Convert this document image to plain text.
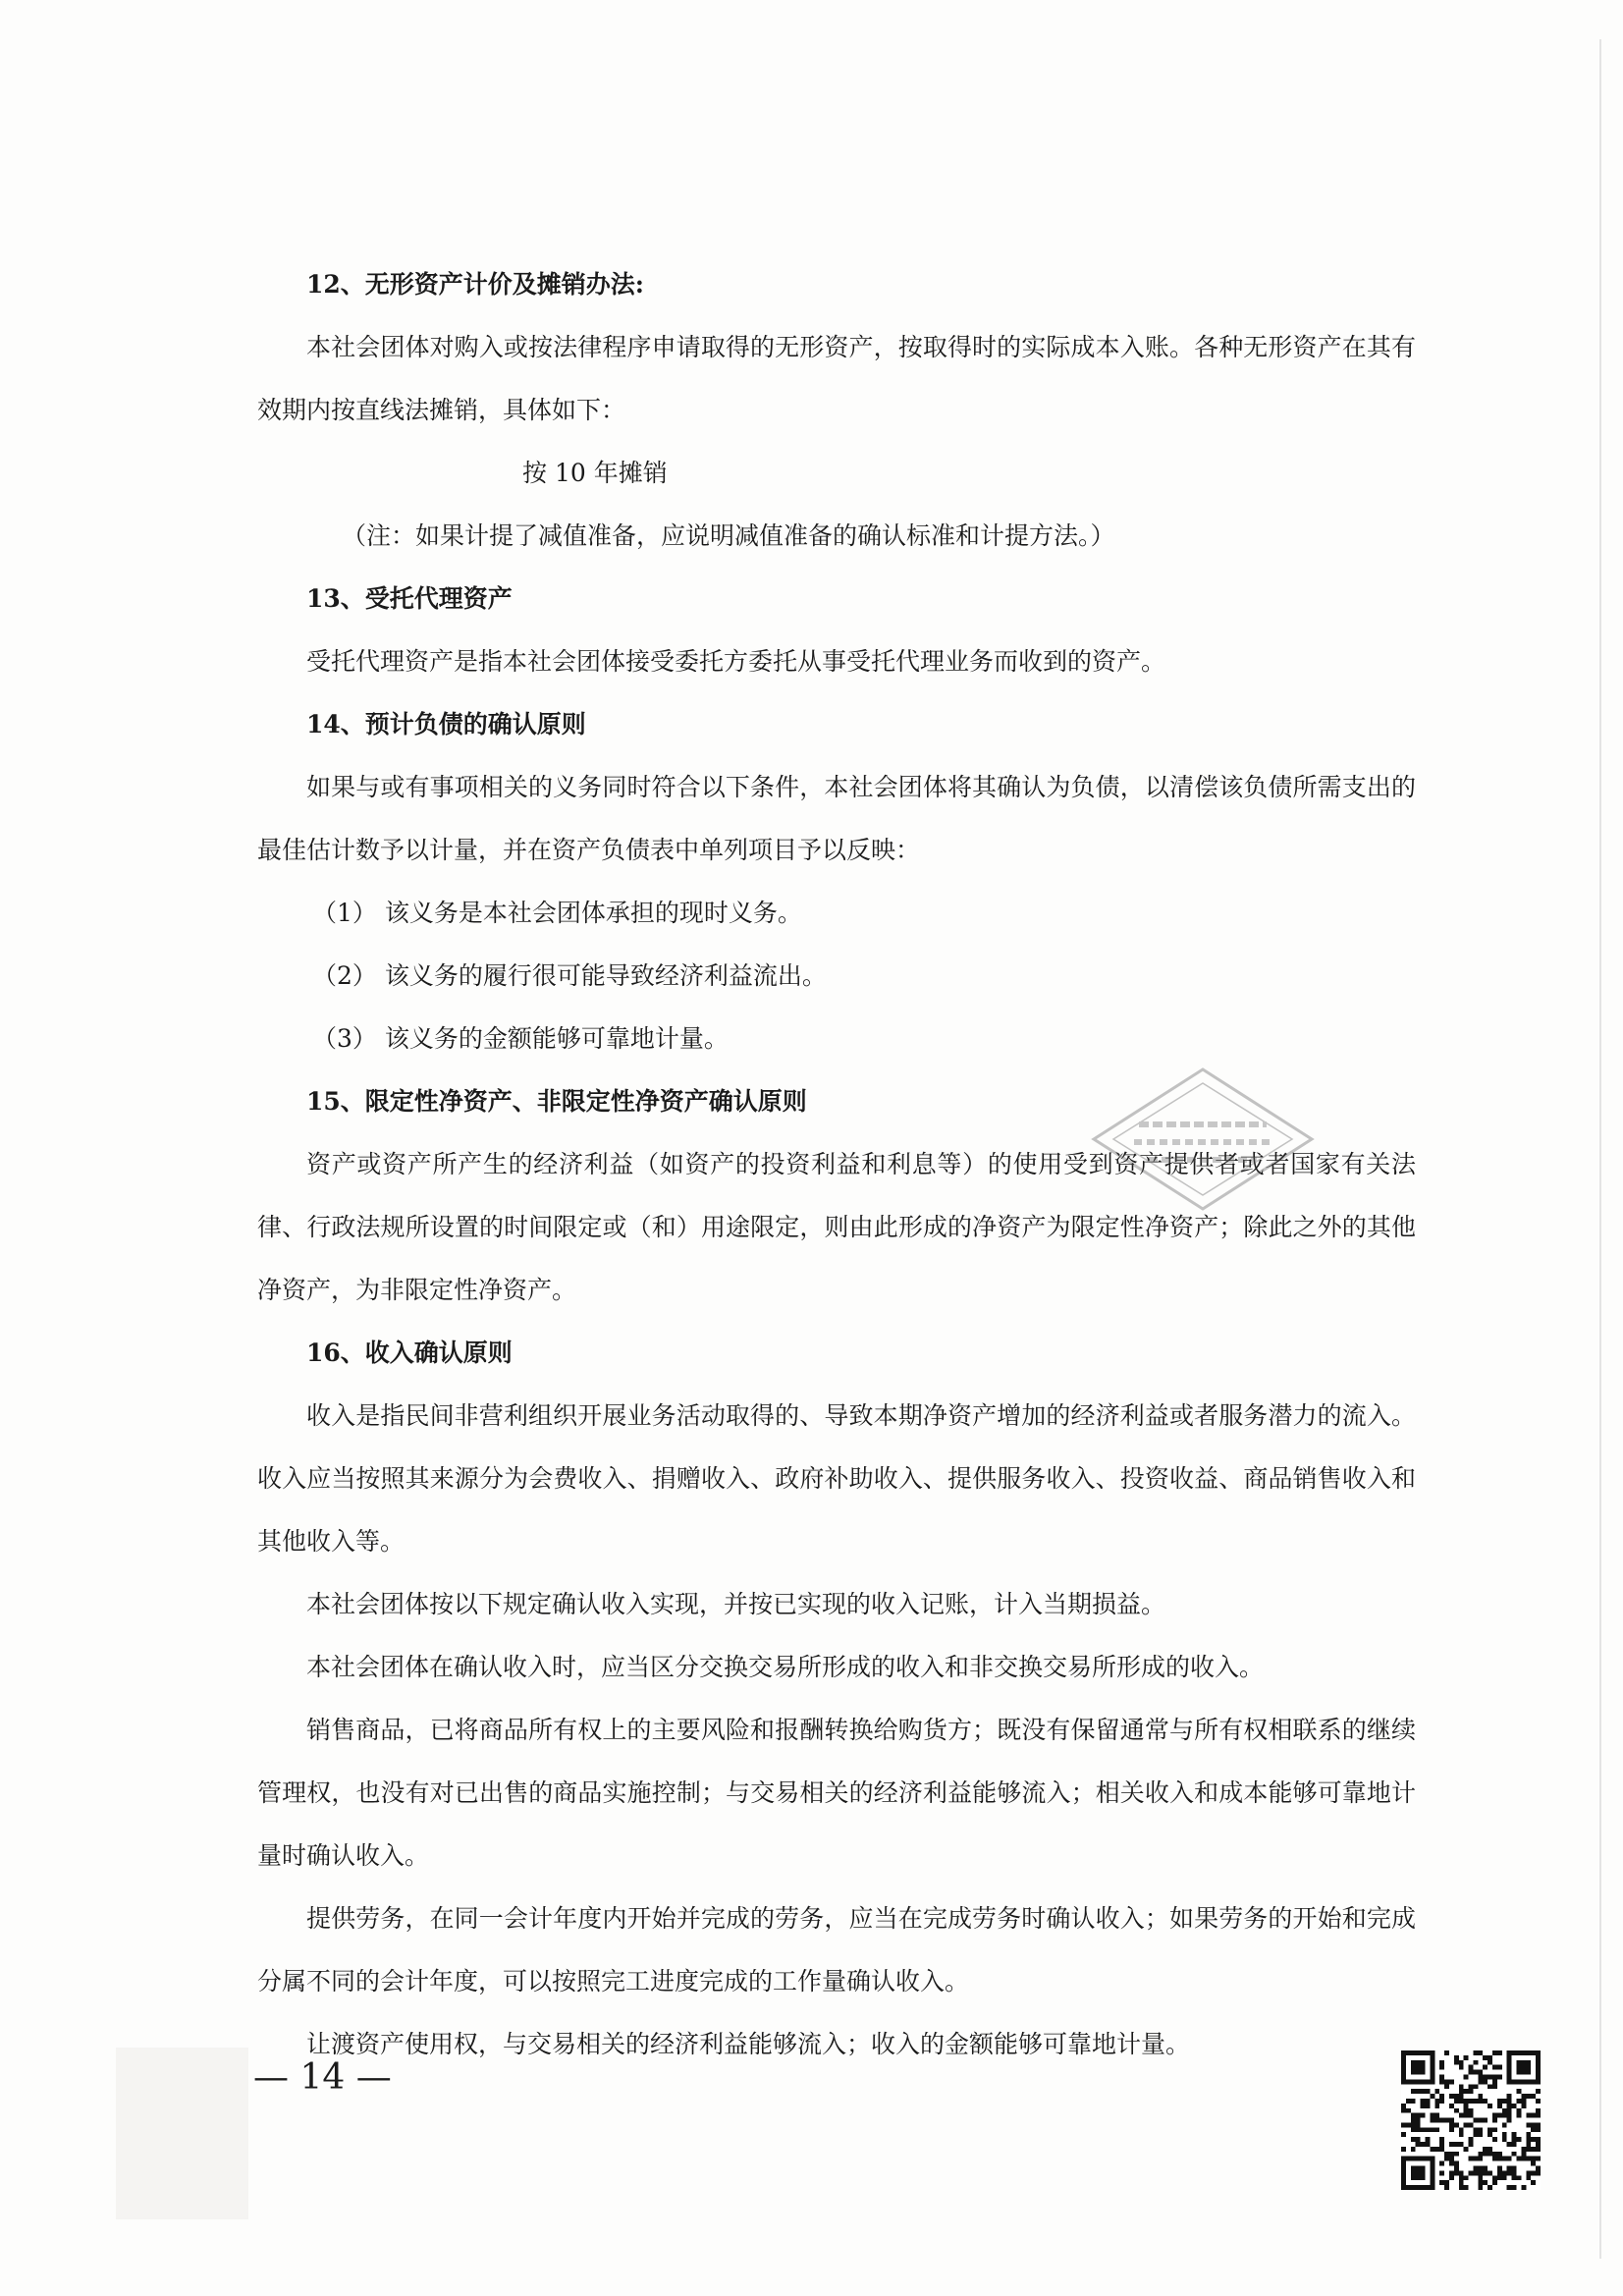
12、无形资产计价及摊销办法:

本社会团体对购入或按法律程序申请取得的无形资产，按取得时的实际成本入账。各种无形资产在其有效期内按直线法摊销，具体如下：

按 10 年摊销

（注：如果计提了减值准备，应说明减值准备的确认标准和计提方法。）

13、受托代理资产

受托代理资产是指本社会团体接受委托方委托从事受托代理业务而收到的资产。

14、预计负债的确认原则

如果与或有事项相关的义务同时符合以下条件，本社会团体将其确认为负债，以清偿该负债所需支出的最佳估计数予以计量，并在资产负债表中单列项目予以反映：

（1） 该义务是本社会团体承担的现时义务。

（2） 该义务的履行很可能导致经济利益流出。

（3） 该义务的金额能够可靠地计量。

15、限定性净资产、非限定性净资产确认原则

资产或资产所产生的经济利益（如资产的投资利益和利息等）的使用受到资产提供者或者国家有关法律、行政法规所设置的时间限定或（和）用途限定，则由此形成的净资产为限定性净资产；除此之外的其他净资产，为非限定性净资产。

16、收入确认原则

收入是指民间非营利组织开展业务活动取得的、导致本期净资产增加的经济利益或者服务潜力的流入。收入应当按照其来源分为会费收入、捐赠收入、政府补助收入、提供服务收入、投资收益、商品销售收入和其他收入等。

本社会团体按以下规定确认收入实现，并按已实现的收入记账，计入当期损益。

本社会团体在确认收入时，应当区分交换交易所形成的收入和非交换交易所形成的收入。

销售商品，已将商品所有权上的主要风险和报酬转换给购货方；既没有保留通常与所有权相联系的继续管理权，也没有对已出售的商品实施控制；与交易相关的经济利益能够流入；相关收入和成本能够可靠地计量时确认收入。

提供劳务，在同一会计年度内开始并完成的劳务，应当在完成劳务时确认收入；如果劳务的开始和完成分属不同的会计年度，可以按照完工进度完成的工作量确认收入。

让渡资产使用权，与交易相关的经济利益能够流入；收入的金额能够可靠地计量。

— 14 —
